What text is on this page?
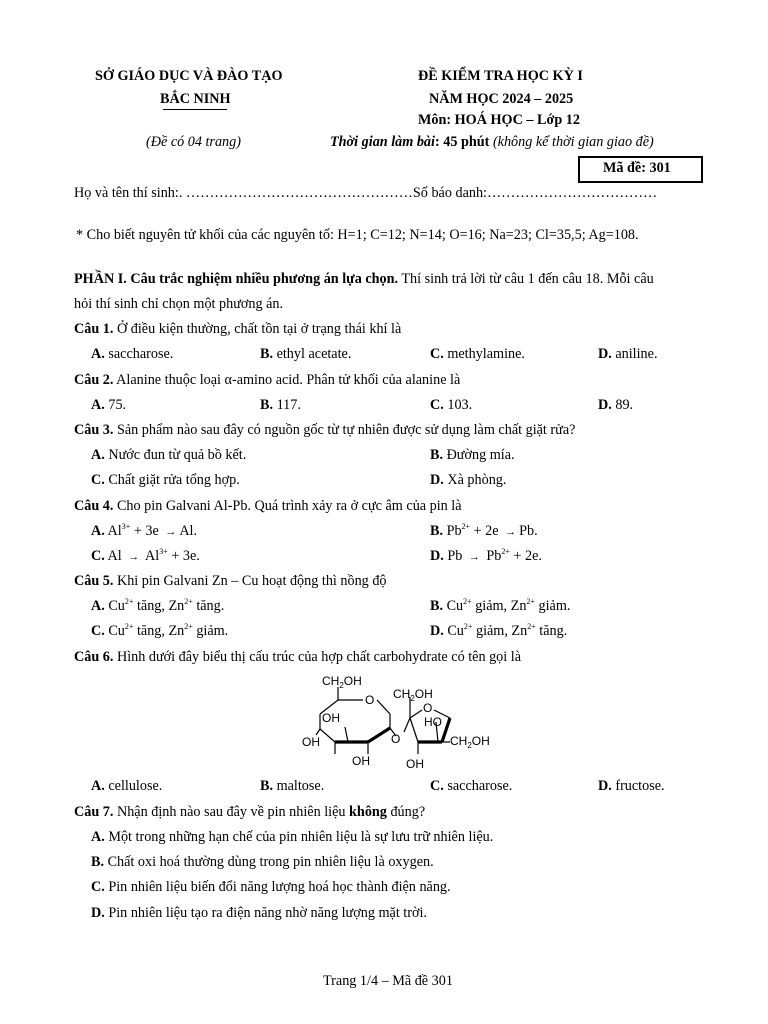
SỞ GIÁO DỤC VÀ ĐÀO TẠO
BẮC NINH
(Đề có 04 trang)
ĐỀ KIỂM TRA HỌC KỲ I
NĂM HỌC 2024 – 2025
Môn: HOÁ HỌC – Lớp 12
Thời gian làm bài: 45 phút (không kể thời gian giao đề)
Mã đề: 301
Họ và tên thí sinh:. …………………………………………Số báo danh:………………………………
* Cho biết nguyên tử khối của các nguyên tố: H=1; C=12; N=14; O=16; Na=23; Cl=35,5; Ag=108.
PHẦN I. Câu trắc nghiệm nhiều phương án lựa chọn. Thí sinh trả lời từ câu 1 đến câu 18. Mỗi câu
hỏi thí sinh chỉ chọn một phương án.
Câu 1. Ở điều kiện thường, chất tồn tại ở trạng thái khí là
A. saccharose.	B. ethyl acetate.	C. methylamine.	D. aniline.
Câu 2. Alanine thuộc loại α-amino acid. Phân tử khối của alanine là
A. 75.	B. 117.	C. 103.	D. 89.
Câu 3. Sản phẩm nào sau đây có nguồn gốc từ tự nhiên được sử dụng làm chất giặt rửa?
A. Nước đun từ quả bồ kết.	B. Đường mía.
C. Chất giặt rửa tổng hợp.	D. Xà phòng.
Câu 4. Cho pin Galvani Al-Pb. Quá trình xảy ra ở cực âm của pin là
A. $Al^{3+} + 3e \to Al$.	B. $Pb^{2+} + 2e \to Pb$.
C. $Al \to Al^{3+} + 3e$.	D. $Pb \to Pb^{2+} + 2e$.
Câu 5. Khi pin Galvani Zn – Cu hoạt động thì nồng độ
A. $Cu^{2+}$ tăng, $Zn^{2+}$ tăng.	B. $Cu^{2+}$ giảm, $Zn^{2+}$ giảm.
C. $Cu^{2+}$ tăng, $Zn^{2+}$ giảm.	D. $Cu^{2+}$ giảm, $Zn^{2+}$ tăng.
Câu 6. Hình dưới đây biểu thị cấu trúc của hợp chất carbohydrate có tên gọi là
$CH_2OH$
O
OH
OH
OH
O
$CH_2OH$
O
HO
$CH_2OH$
OH
A. cellulose.	B. maltose.	C. saccharose.	D. fructose.
Câu 7. Nhận định nào sau đây về pin nhiên liệu không đúng?
A. Một trong những hạn chế của pin nhiên liệu là sự lưu trữ nhiên liệu.
B. Chất oxi hoá thường dùng trong pin nhiên liệu là oxygen.
C. Pin nhiên liệu biến đổi năng lượng hoá học thành điện năng.
D. Pin nhiên liệu tạo ra điện năng nhờ năng lượng mặt trời.
Trang 1/4 – Mã đề 301
